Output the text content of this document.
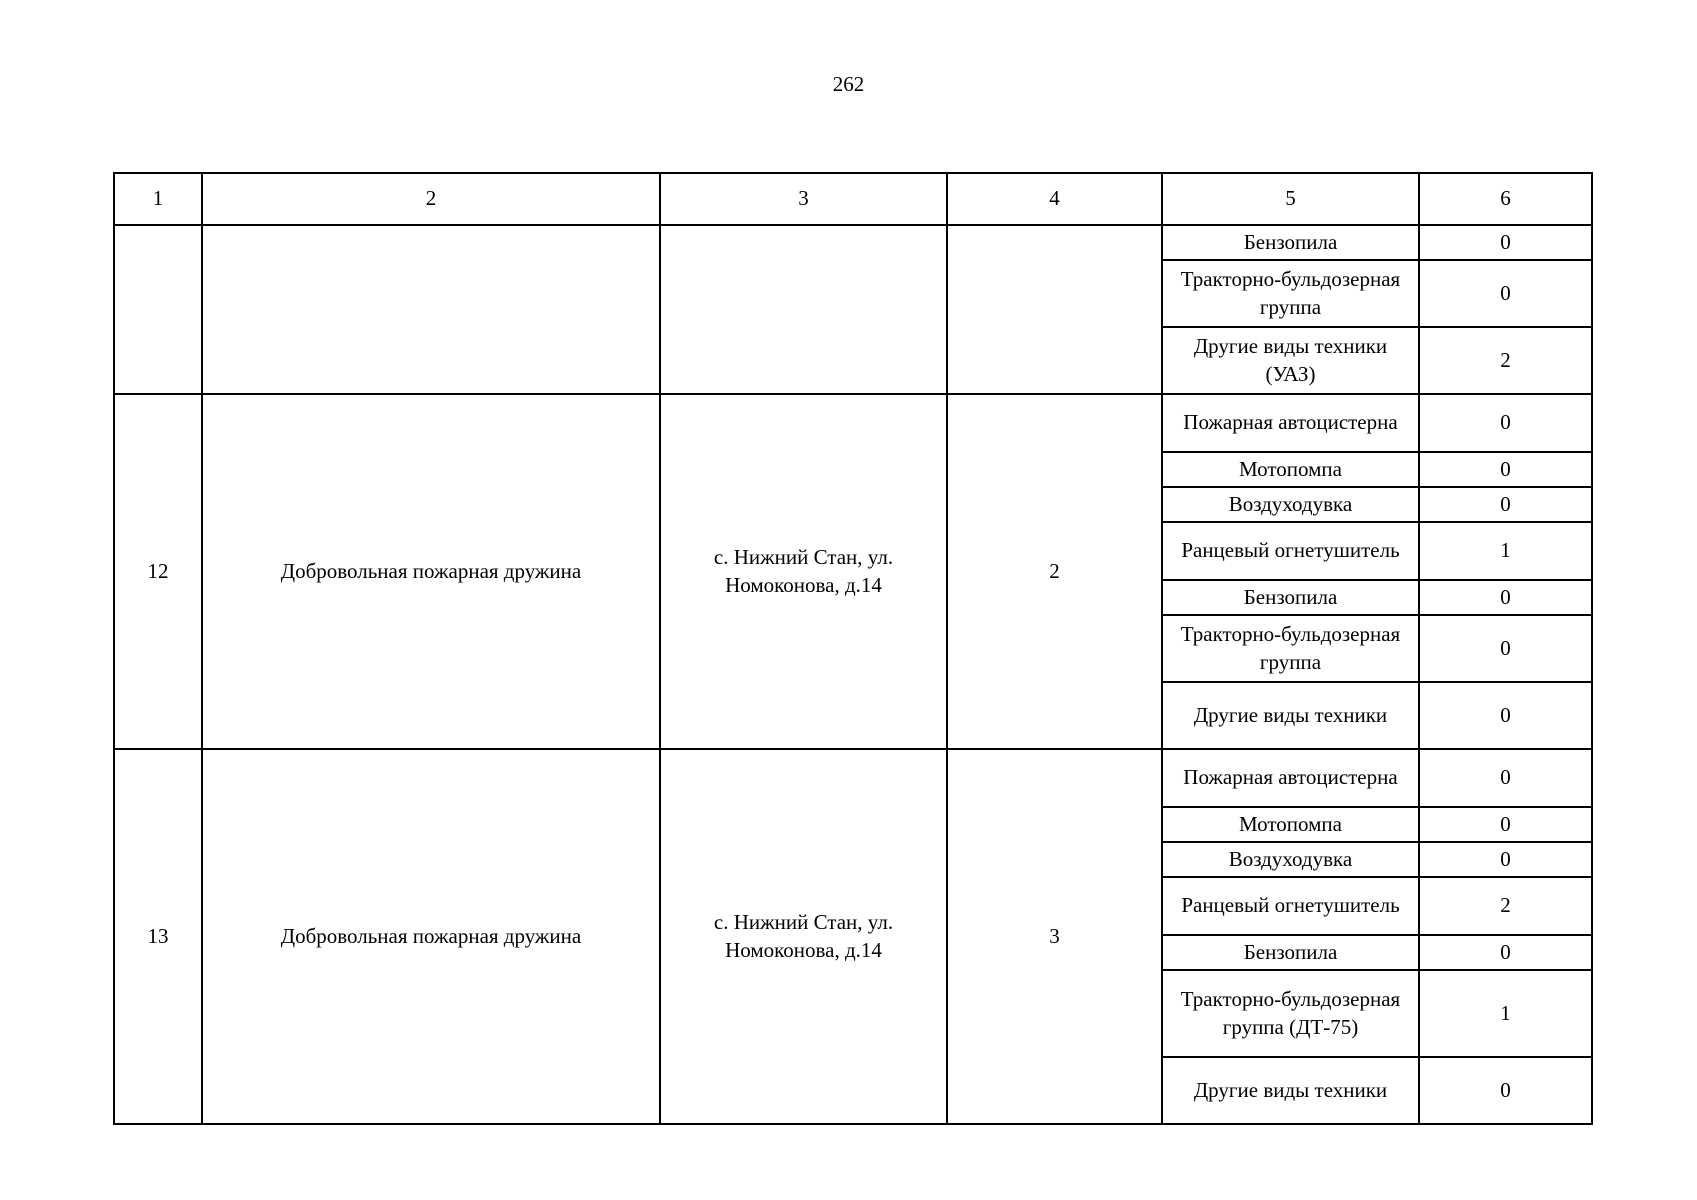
262
1	2	3	4	5	6
				Бензопила	0
				Тракторно-бульдозерная группа	0
				Другие виды техники (УАЗ)	2
12	Добровольная пожарная дружина	с. Нижний Стан, ул. Номоконова, д.14	2	Пожарная автоцистерна	0
				Мотопомпа	0
				Воздуходувка	0
				Ранцевый огнетушитель	1
				Бензопила	0
				Тракторно-бульдозерная группа	0
				Другие виды техники	0
13	Добровольная пожарная дружина	с. Нижний Стан, ул. Номоконова, д.14	3	Пожарная автоцистерна	0
				Мотопомпа	0
				Воздуходувка	0
				Ранцевый огнетушитель	2
				Бензопила	0
				Тракторно-бульдозерная группа (ДТ-75)	1
				Другие виды техники	0
